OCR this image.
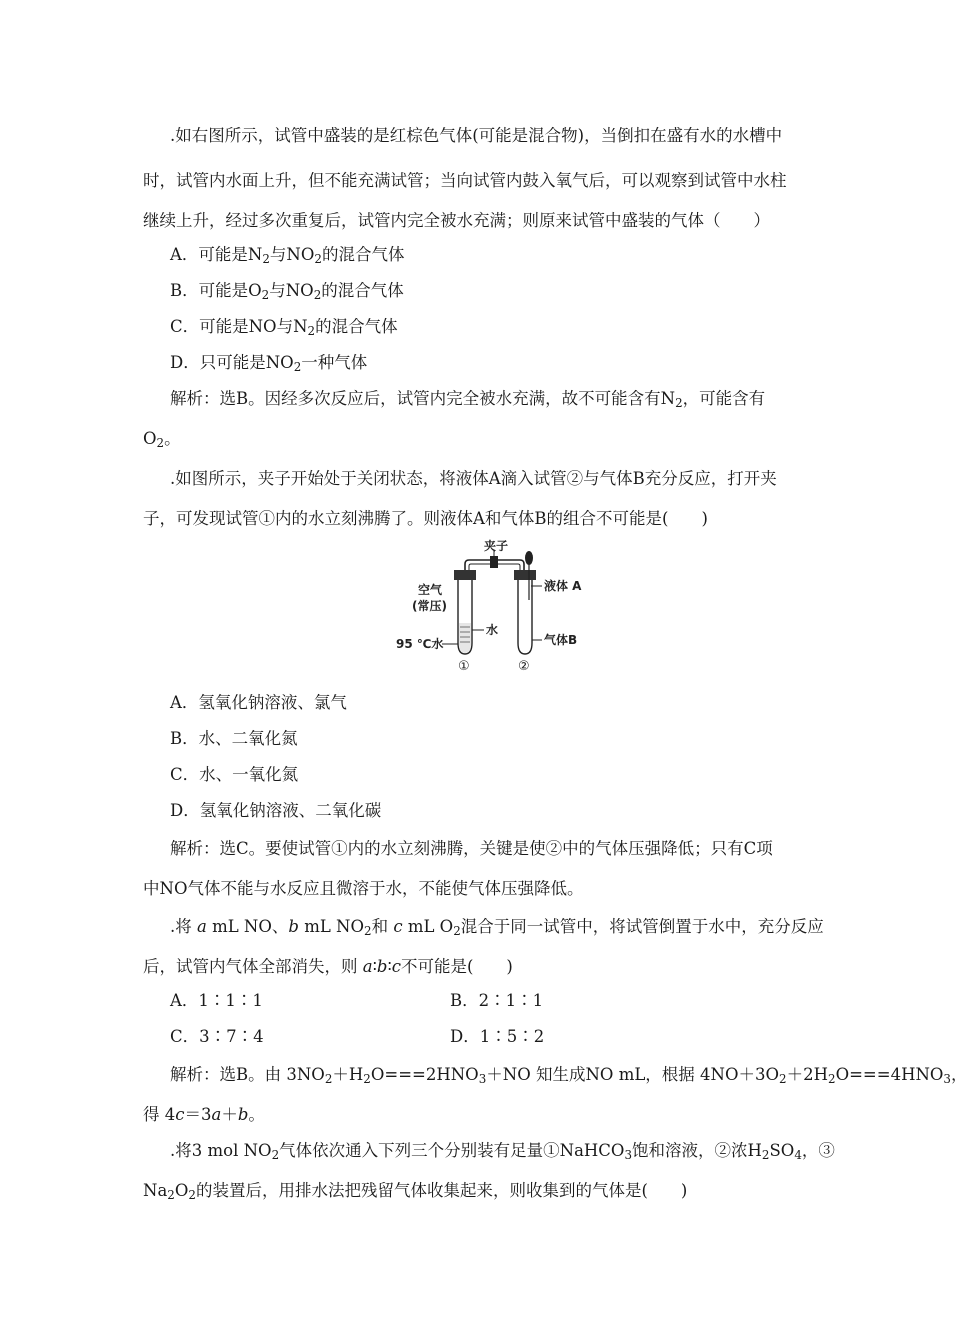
.如右图所示，试管中盛装的是红棕色气体(可能是混合物)，当倒扣在盛有水的水槽中
时，试管内水面上升，但不能充满试管；当向试管内鼓入氧气后，可以观察到试管中水柱
继续上升，经过多次重复后，试管内完全被水充满；则原来试管中盛装的气体（　　）
A．可能是N2与NO2的混合气体
B．可能是O2与NO2的混合气体
C．可能是NO与N2的混合气体
D．只可能是NO2一种气体
解析：选B。因经多次反应后，试管内完全被水充满，故不可能含有N2，可能含有
O2。
.如图所示，夹子开始处于关闭状态，将液体A滴入试管②与气体B充分反应，打开夹
子，可发现试管①内的水立刻沸腾了。则液体A和气体B的组合不可能是(　　)
夹子
水
液体 A
气体B
空气
(常压)
95 ℃水
①	②
A．氢氧化钠溶液、氯气
B．水、二氧化氮
C．水、一氧化氮
D．氢氧化钠溶液、二氧化碳
解析：选C。要使试管①内的水立刻沸腾，关键是使②中的气体压强降低；只有C项
中NO气体不能与水反应且微溶于水，不能使气体压强降低。
.将 a mL NO、b mL NO2和 c mL O2混合于同一试管中，将试管倒置于水中，充分反应
后，试管内气体全部消失，则 a∶b∶c不可能是(　　)
A．1∶1∶1	B．2∶1∶1
C．3∶7∶4	D．1∶5∶2
解析：选B。由 3NO2＋H2O===2HNO3＋NO 知生成NO mL，根据 4NO＋3O2＋2H2O===4HNO3，
得 4c＝3a＋b。
.将3 mol NO2气体依次通入下列三个分别装有足量①NaHCO3饱和溶液，②浓H2SO4，③
Na2O2的装置后，用排水法把残留气体收集起来，则收集到的气体是(　　)
